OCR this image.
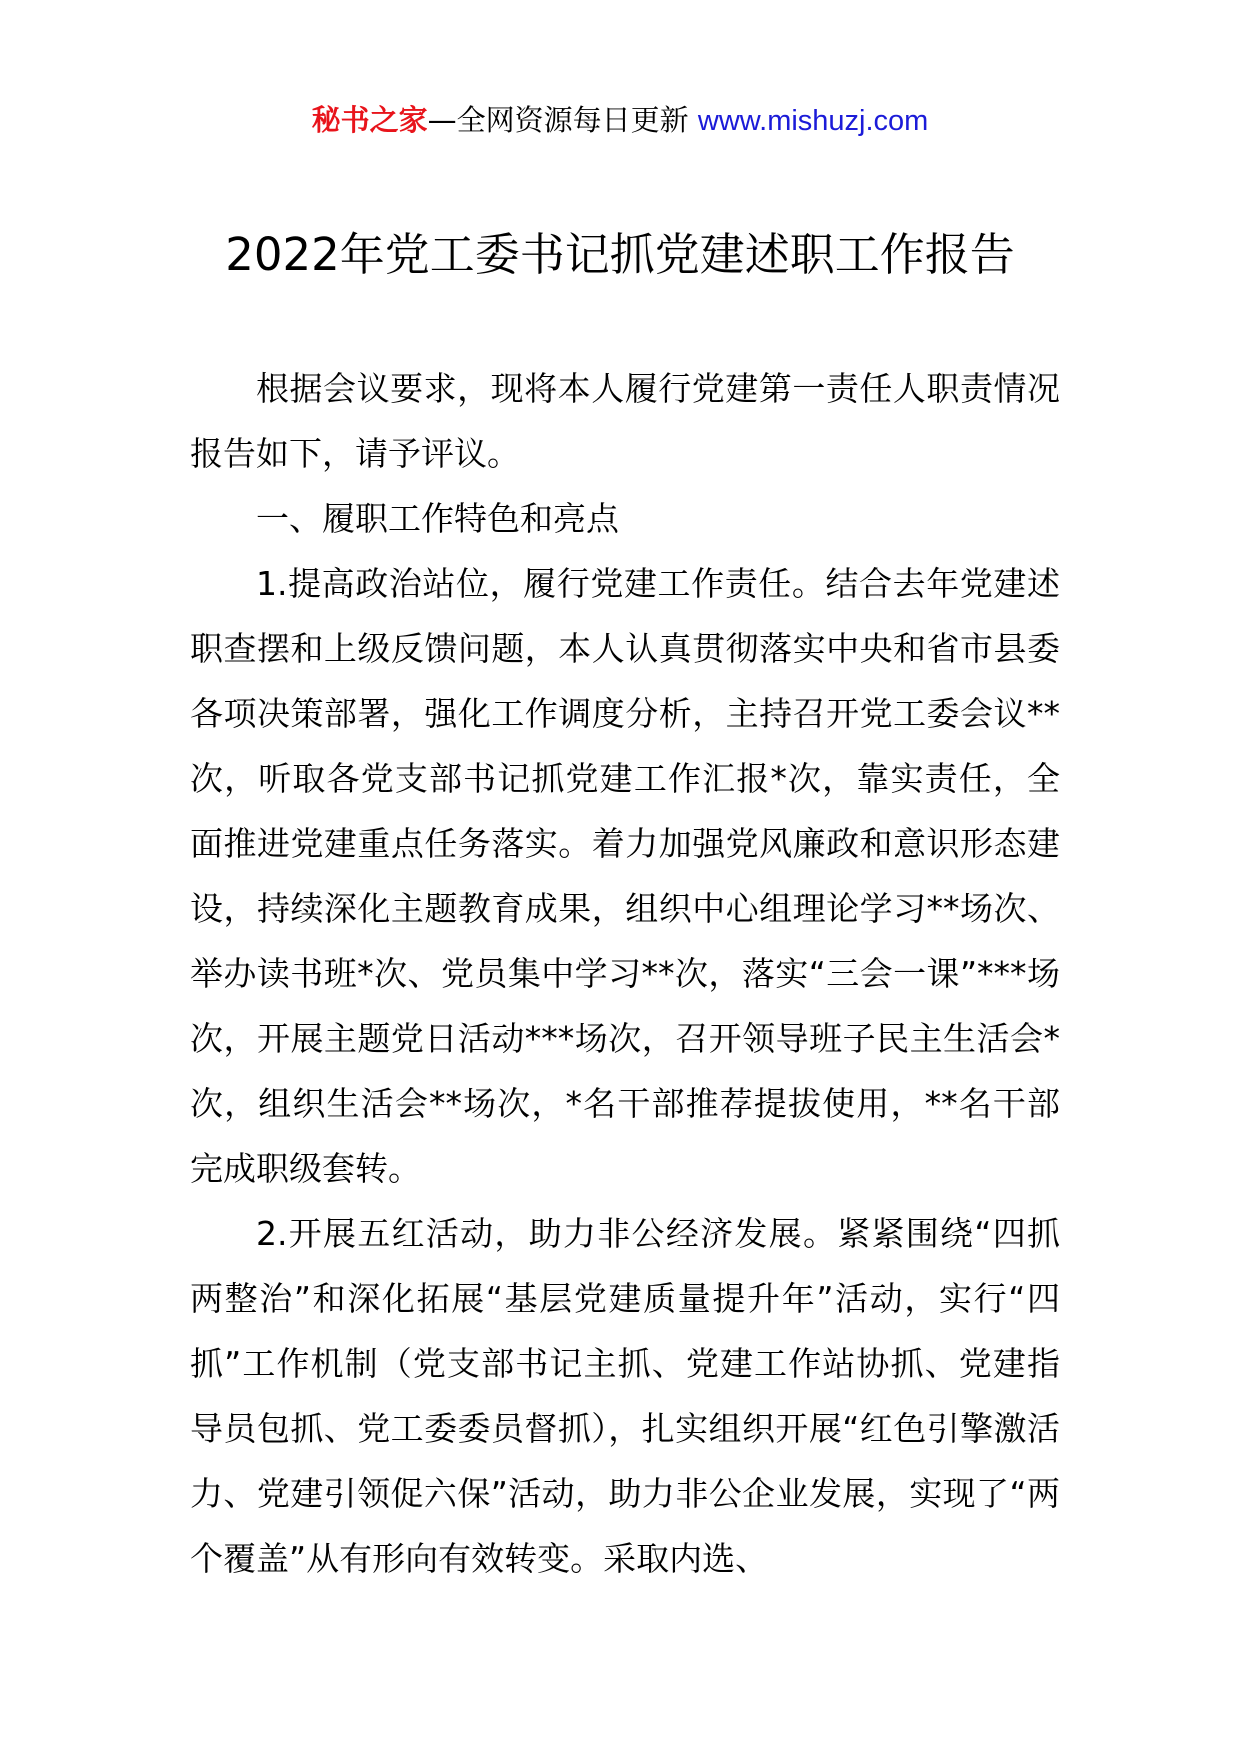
秘书之家—全网资源每日更新 www.mishuzj.com
2022年党工委书记抓党建述职工作报告

根据会议要求，现将本人履行党建第一责任人职责情况报告如下，请予评议。

一、履职工作特色和亮点

1.提高政治站位，履行党建工作责任。结合去年党建述职查摆和上级反馈问题，本人认真贯彻落实中央和省市县委各项决策部署，强化工作调度分析，主持召开党工委会议**次，听取各党支部书记抓党建工作汇报*次，靠实责任，全面推进党建重点任务落实。着力加强党风廉政和意识形态建设，持续深化主题教育成果，组织中心组理论学习**场次、举办读书班*次、党员集中学习**次，落实“三会一课”***场次，开展主题党日活动***场次，召开领导班子民主生活会*次，组织生活会**场次，*名干部推荐提拔使用，**名干部完成职级套转。

2.开展五红活动，助力非公经济发展。紧紧围绕“四抓两整治”和深化拓展“基层党建质量提升年”活动，实行“四抓”工作机制（党支部书记主抓、党建工作站协抓、党建指导员包抓、党工委委员督抓），扎实组织开展“红色引擎激活力、党建引领促六保”活动，助力非公企业发展，实现了“两个覆盖”从有形向有效转变。采取内选、
